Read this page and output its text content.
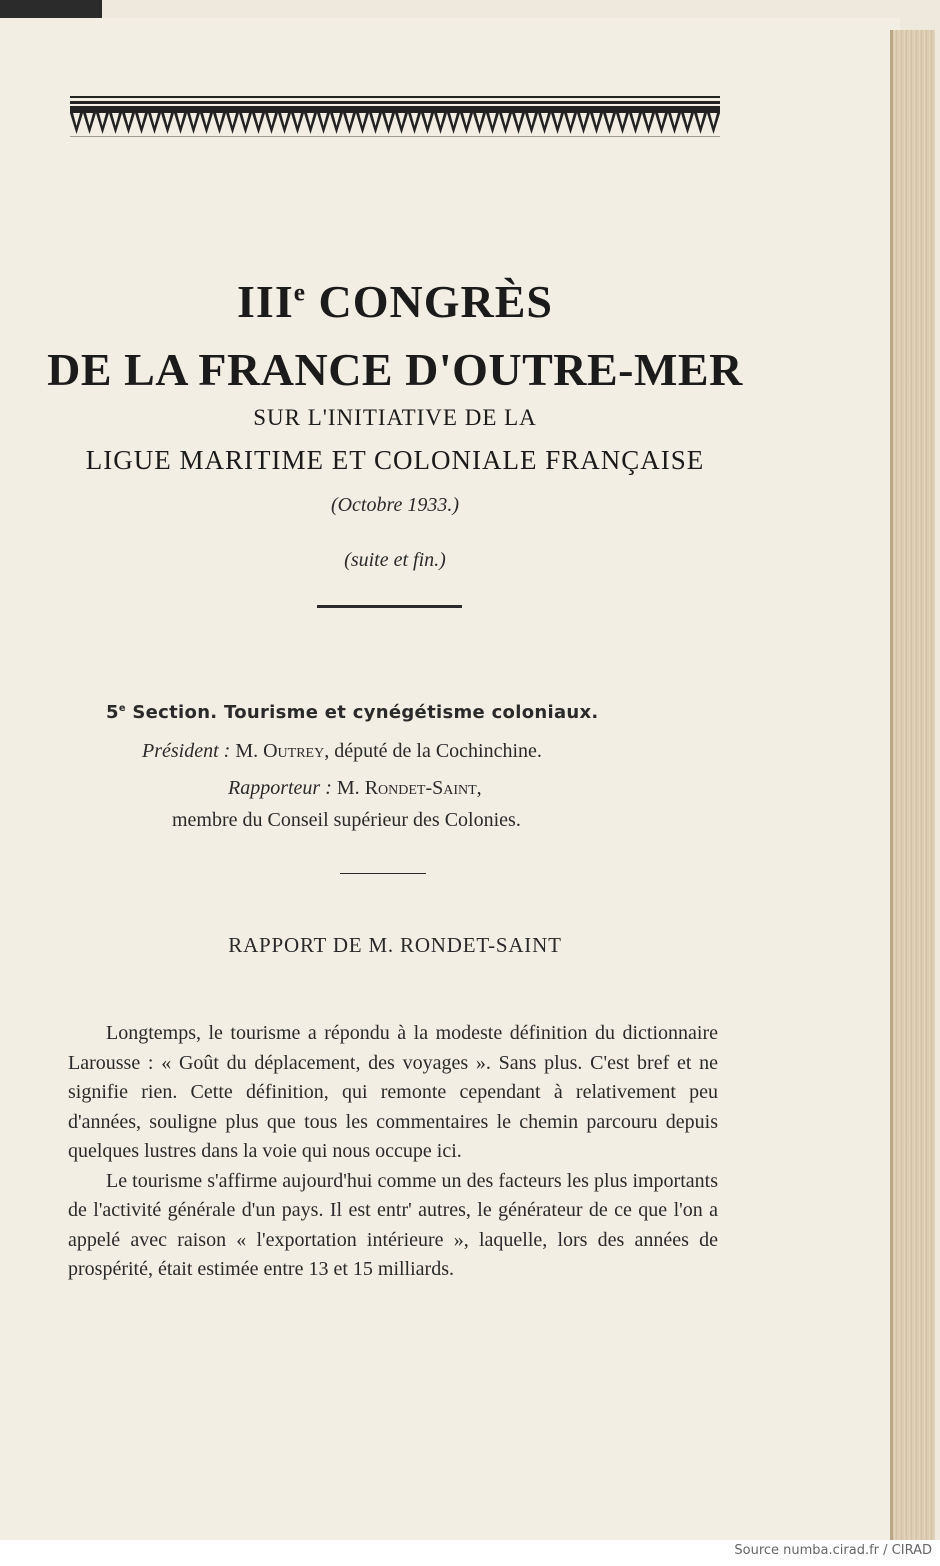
IIIe CONGRÈS
DE LA FRANCE D'OUTRE-MER
SUR L'INITIATIVE DE LA
LIGUE MARITIME ET COLONIALE FRANÇAISE
(Octobre 1933.)
(suite et fin.)
5e Section. Tourisme et cynégétisme coloniaux.
Président : M. Outrey, député de la Cochinchine.
Rapporteur : M. Rondet-Saint,
membre du Conseil supérieur des Colonies.
RAPPORT DE M. RONDET-SAINT

Longtemps, le tourisme a répondu à la modeste définition du dictionnaire Larousse : « Goût du déplacement, des voyages ». Sans plus. C'est bref et ne signifie rien. Cette définition, qui remonte cependant à relativement peu d'années, souligne plus que tous les commentaires le chemin parcouru depuis quelques lustres dans la voie qui nous occupe ici.

Le tourisme s'affirme aujourd'hui comme un des facteurs les plus importants de l'activité générale d'un pays. Il est entr' autres, le générateur de ce que l'on a appelé avec raison « l'exportation intérieure », laquelle, lors des années de prospérité, était estimée entre 13 et 15 milliards.

Source numba.cirad.fr / CIRAD
